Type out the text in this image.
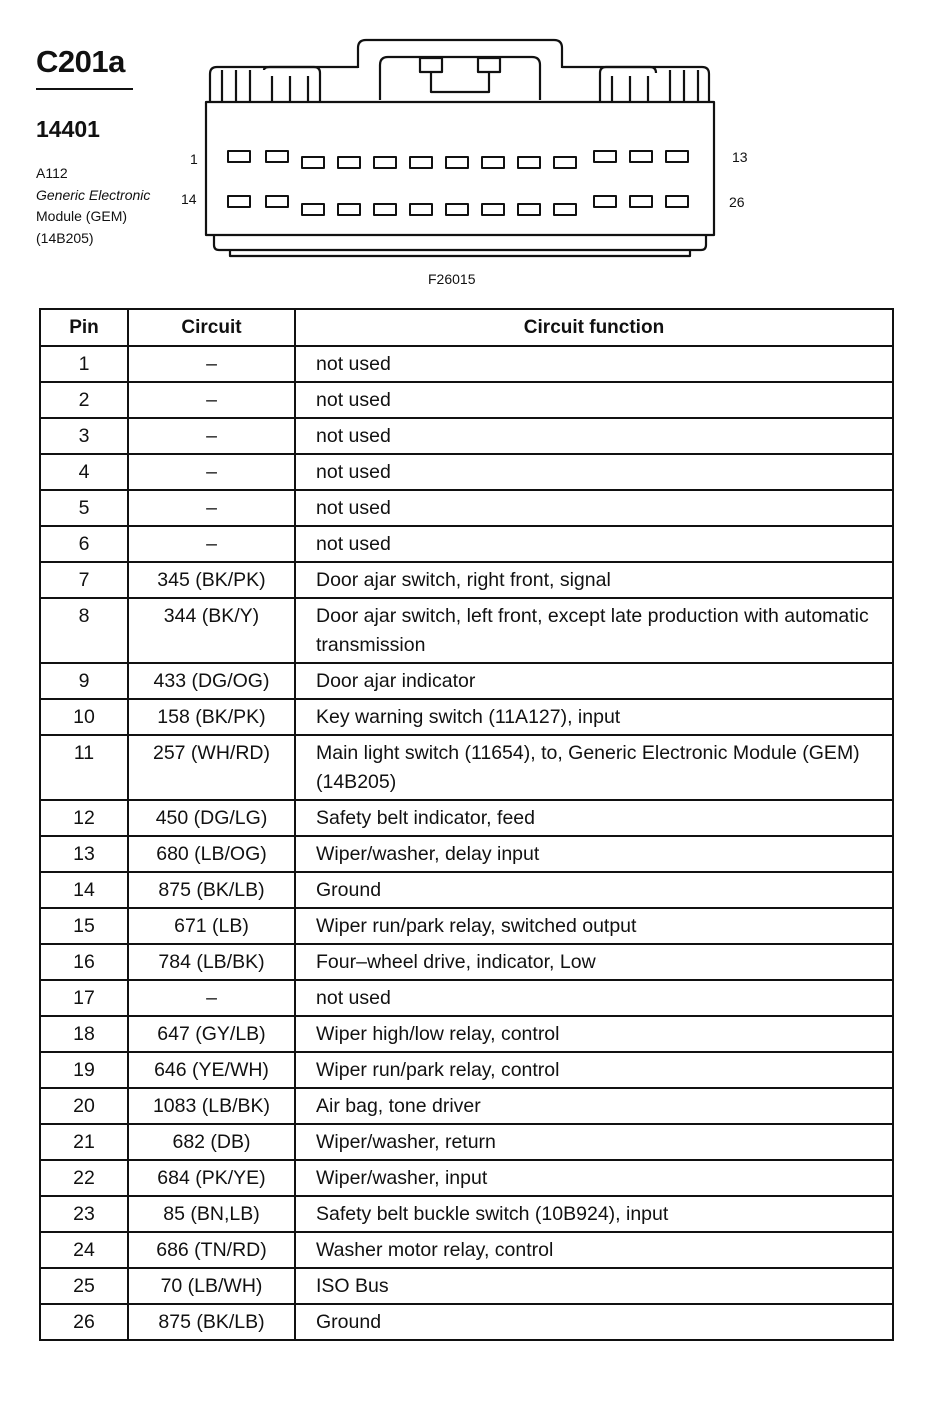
C201a
14401
A112
Generic Electronic
Module (GEM)
(14B205)
1	13
14	26
F26015
Pin	Circuit	Circuit function
1	–	not used
2	–	not used
3	–	not used
4	–	not used
5	–	not used
6	–	not used
7	345 (BK/PK)	Door ajar switch, right front, signal
8	344 (BK/Y)	Door ajar switch, left front, except late production with automatic transmission
9	433 (DG/OG)	Door ajar indicator
10	158 (BK/PK)	Key warning switch (11A127), input
11	257 (WH/RD)	Main light switch (11654), to, Generic Electronic Module (GEM) (14B205)
12	450 (DG/LG)	Safety belt indicator, feed
13	680 (LB/OG)	Wiper/washer, delay input
14	875 (BK/LB)	Ground
15	671 (LB)	Wiper run/park relay, switched output
16	784 (LB/BK)	Four–wheel drive, indicator, Low
17	–	not used
18	647 (GY/LB)	Wiper high/low relay, control
19	646 (YE/WH)	Wiper run/park relay, control
20	1083 (LB/BK)	Air bag, tone driver
21	682 (DB)	Wiper/washer, return
22	684 (PK/YE)	Wiper/washer, input
23	85 (BN,LB)	Safety belt buckle switch (10B924), input
24	686 (TN/RD)	Washer motor relay, control
25	70 (LB/WH)	ISO Bus
26	875 (BK/LB)	Ground
